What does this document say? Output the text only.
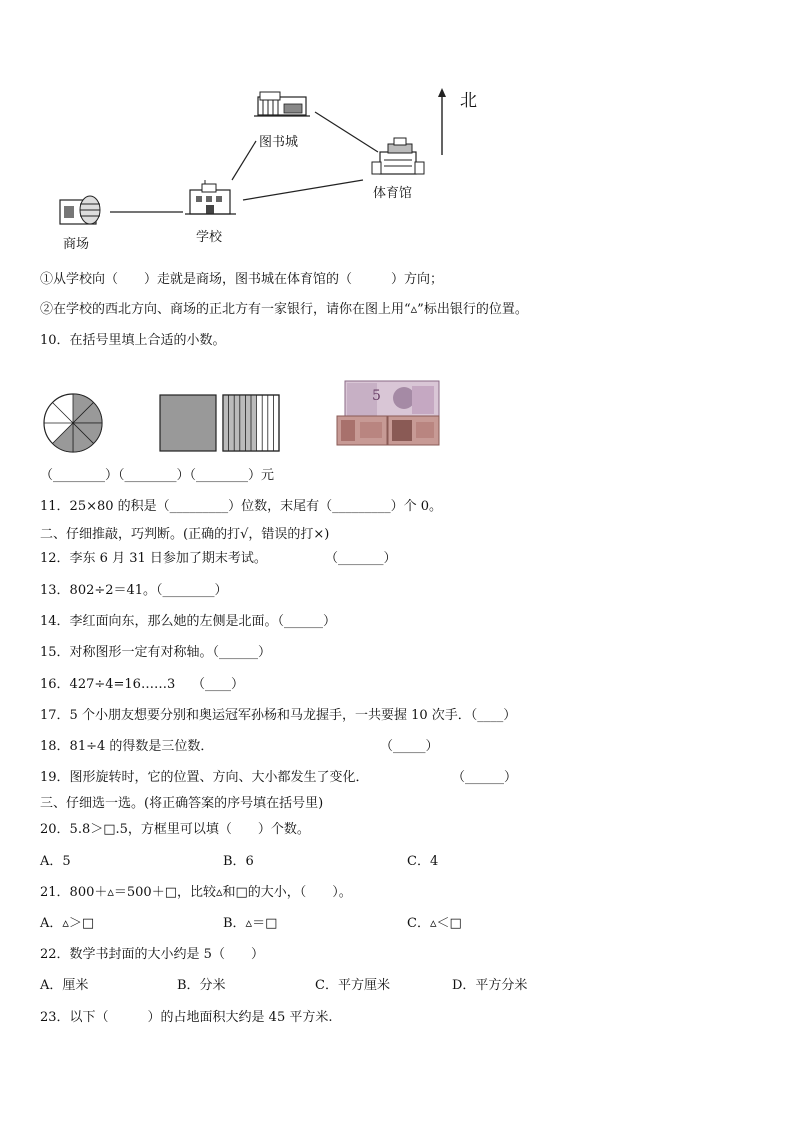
北
图书城
体育馆
商场	学校
①从学校向（　　）走就是商场，图书城在体育馆的（　　　）方向；
②在学校的西北方向、商场的正北方有一家银行，请你在图上用“▵”标出银行的位置。
10．在括号里填上合适的小数。
5
（________）（________）（________）元
11．25×80 的积是（_________）位数，末尾有（_________）个 0。
二、仔细推敲，巧判断。(正确的打√，错误的打×)
12．李东 6 月 31 日参加了期末考试。	（_______）
13．802÷2＝41。（________）
14．李红面向东，那么她的左侧是北面。（______）
15．对称图形一定有对称轴。（______）
16．427÷4=16……3 （____）
17．5 个小朋友想要分别和奥运冠军孙杨和马龙握手，一共要握 10 次手．（____）
18．81÷4 的得数是三位数．	（_____）
19．图形旋转时，它的位置、方向、大小都发生了变化．	（______）
三、仔细选一选。(将正确答案的序号填在括号里)
20．5.8＞□.5，方框里可以填（　　）个数。
A．5	B．6	C．4
21．800＋▵＝500＋□，比较▵和□的大小，（　　）。
A．▵＞□	B．▵＝□	C．▵＜□
22．数学书封面的大小约是 5（　　）
A．厘米	B．分米	C．平方厘米	D．平方分米
23．以下（　　　）的占地面积大约是 45 平方米.
